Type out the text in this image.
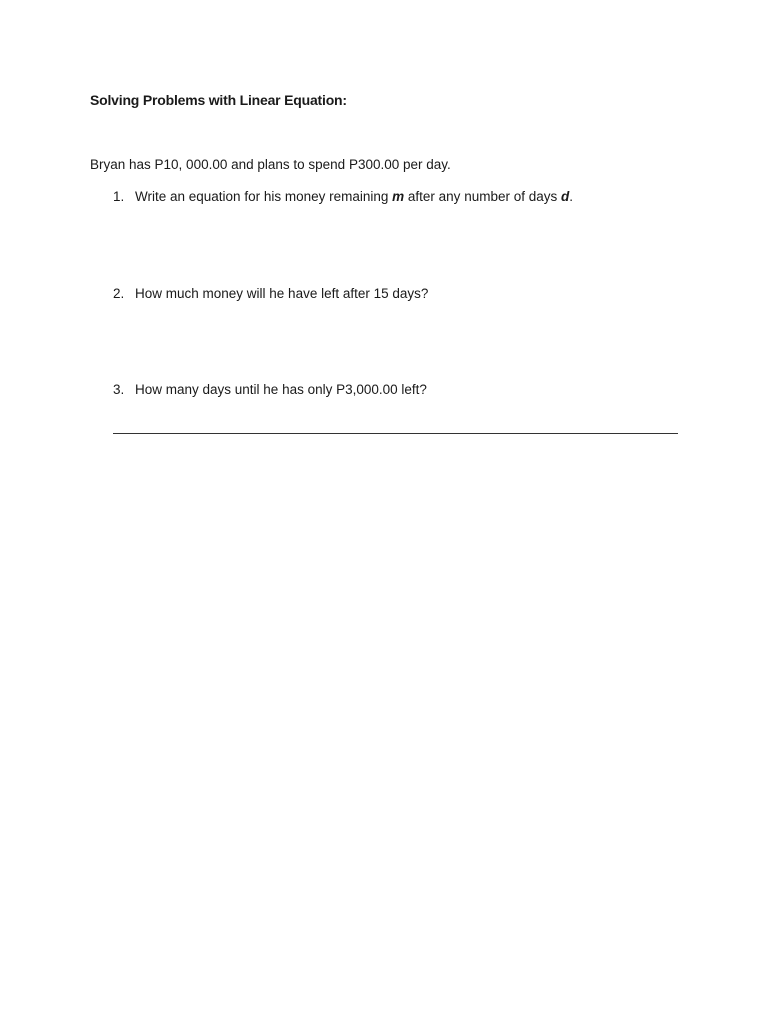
Solving Problems with Linear Equation:
Bryan has P10, 000.00 and plans to spend P300.00 per day.
1. Write an equation for his money remaining m after any number of days d.
2. How much money will he have left after 15 days?
3. How many days until he has only P3,000.00 left?
